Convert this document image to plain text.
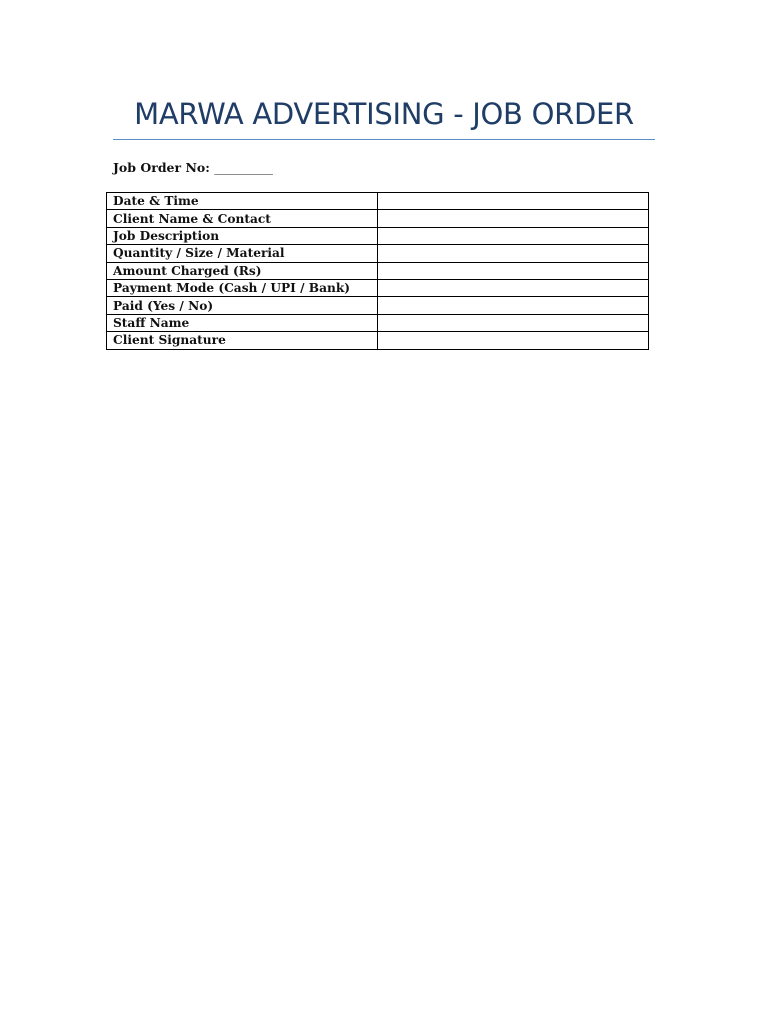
MARWA ADVERTISING - JOB ORDER
Job Order No: ___________
Date & Time	
Client Name & Contact	
Job Description	
Quantity / Size / Material	
Amount Charged (Rs)	
Payment Mode (Cash / UPI / Bank)	
Paid (Yes / No)	
Staff Name	
Client Signature	
